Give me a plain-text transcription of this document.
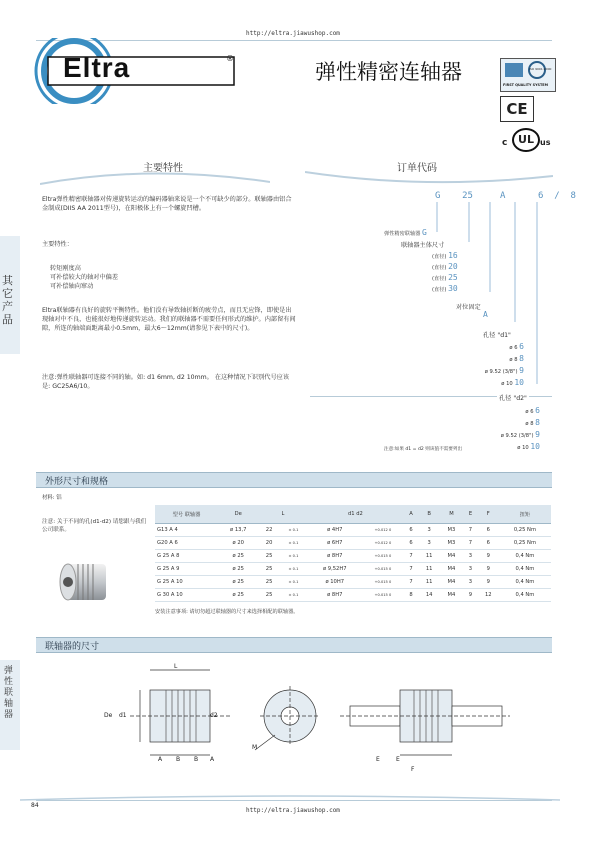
http://eltra.jiawushop.com
Eltra	®
弹性精密连轴器	ISO 9001:2000
FIRST QUALITY SYSTEM
CE
c UL us
其它产品
主要特性
Eltra弹性精密联轴器对传递旋转运动的编码器轴来说是一个不可缺少的部分。联轴器由铝合金制成(DIIS AA 2011型号)，在阳极体上有一个螺旋凹槽。
主要特性：
转矩刚度高
可补偿较大的轴对中偏差
可补偿轴向窜动
Eltra联轴器有良好的旋转平衡特性。他们没有导致轴折断的疲劳点，而且无应锋，即使是出现轴对中不良，也能很好地传递旋转运动。我们的联轴器不需要任何形式的维护。内部留有间隙，所连的轴端面距离最小0.5mm，最大6～12mm(请参见下表中的尺寸)。
注意:弹性联轴器可连接不同的轴。如: d1 6mm, d2 10mm。 在这种情况下识别代号应该是: GC25A6/10。
订单代码
G 25	A	6 / 8
弹性精密联轴器 G
联轴器主体尺寸
(直径) 16
(直径) 20
(直径) 25
(直径) 30
对位固定
A
孔径 "d1"
ø 6 6
ø 8 8
ø 9.52 (3/8") 9
ø 10 10
孔径 "d2"
ø 6 6
ø 8 8
ø 9.52 (3/8") 9
ø 10 10
注意:如果 d1 = d2 则该值不需要列出
外形尺寸和规格
材料: 铝
注意: 关于不同的孔(d1-d2) 请您跟与我们公司联系。
型号 联轴器	De	L		d1 d2		A	B	M	E	F	扭矩
G13 A 4	ø 13,7	22	± 0.1	ø 4H7	+0.012 0	6	3	M3	7	6	0,25 Nm
G20 A 6	ø 20	20	± 0.1	ø 6H7	+0.012 0	6	3	M3	7	6	0,25 Nm
G 25 A 8	ø 25	25	± 0.1	ø 8H7	+0.015 0	7	11	M4	3	9	0,4 Nm
G 25 A 9	ø 25	25	± 0.1	ø 9,52H7	+0.015 0	7	11	M4	3	9	0,4 Nm
G 25 A 10	ø 25	25	± 0.1	ø 10H7	+0.015 0	7	11	M4	3	9	0,4 Nm
G 30 A 10	ø 25	25	± 0.1	ø 8H7	+0.015 0	8	14	M4	9	12	0,4 Nm
安装注意事项: 请切勿超过联轴器的尺寸来选择相配的联轴器。
联轴器的尺寸
弹性联轴器
L
De d1
A B
d2
B A
M
E	E
F
84
http://eltra.jiawushop.com
